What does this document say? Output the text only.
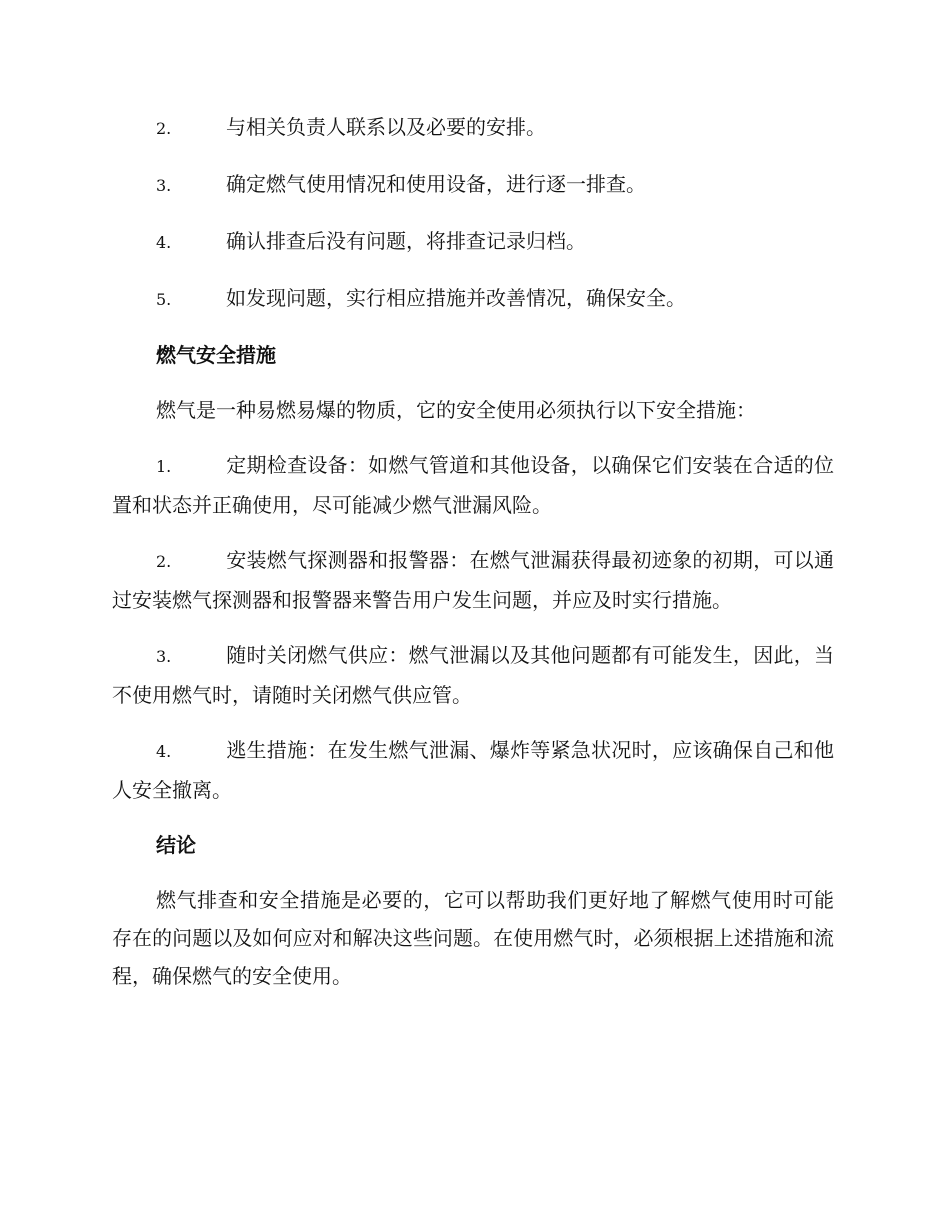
2.	与相关负责人联系以及必要的安排。
3.	确定燃气使用情况和使用设备，进行逐一排查。
4.	确认排查后没有问题，将排查记录归档。
5.	如发现问题，实行相应措施并改善情况，确保安全。
燃气安全措施
燃气是一种易燃易爆的物质，它的安全使用必须执行以下安全措施：
1.	定期检查设备：如燃气管道和其他设备，以确保它们安装在合适的位置和状态并正确使用，尽可能减少燃气泄漏风险。
2.	安装燃气探测器和报警器：在燃气泄漏获得最初迹象的初期，可以通过安装燃气探测器和报警器来警告用户发生问题，并应及时实行措施。
3.	随时关闭燃气供应：燃气泄漏以及其他问题都有可能发生，因此，当不使用燃气时，请随时关闭燃气供应管。
4.	逃生措施：在发生燃气泄漏、爆炸等紧急状况时，应该确保自己和他人安全撤离。
结论
燃气排查和安全措施是必要的，它可以帮助我们更好地了解燃气使用时可能存在的问题以及如何应对和解决这些问题。在使用燃气时，必须根据上述措施和流程，确保燃气的安全使用。
